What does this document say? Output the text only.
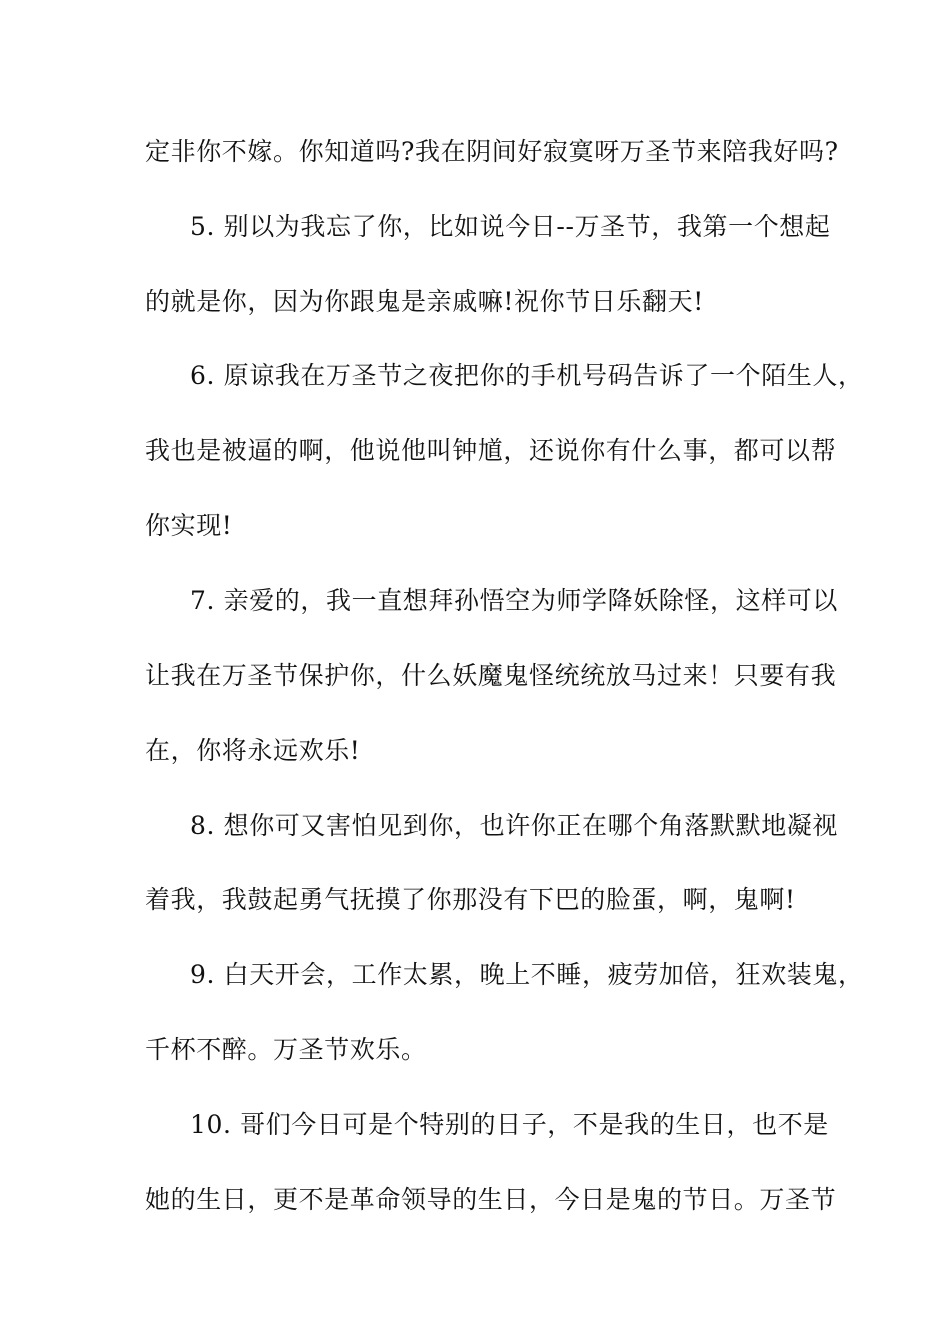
定非你不嫁。你知道吗?我在阴间好寂寞呀万圣节来陪我好吗?
5. 别以为我忘了你，比如说今日--万圣节，我第一个想起
的就是你，因为你跟鬼是亲戚嘛!祝你节日乐翻天!
6. 原谅我在万圣节之夜把你的手机号码告诉了一个陌生人，
我也是被逼的啊，他说他叫钟馗，还说你有什么事，都可以帮
你实现!
7. 亲爱的，我一直想拜孙悟空为师学降妖除怪，这样可以
让我在万圣节保护你，什么妖魔鬼怪统统放马过来！只要有我
在，你将永远欢乐!
8. 想你可又害怕见到你，也许你正在哪个角落默默地凝视
着我，我鼓起勇气抚摸了你那没有下巴的脸蛋，啊，鬼啊!
9. 白天开会，工作太累，晚上不睡，疲劳加倍，狂欢装鬼，
千杯不醉。万圣节欢乐。
10. 哥们今日可是个特别的日子，不是我的生日，也不是
她的生日，更不是革命领导的生日，今日是鬼的节日。万圣节
